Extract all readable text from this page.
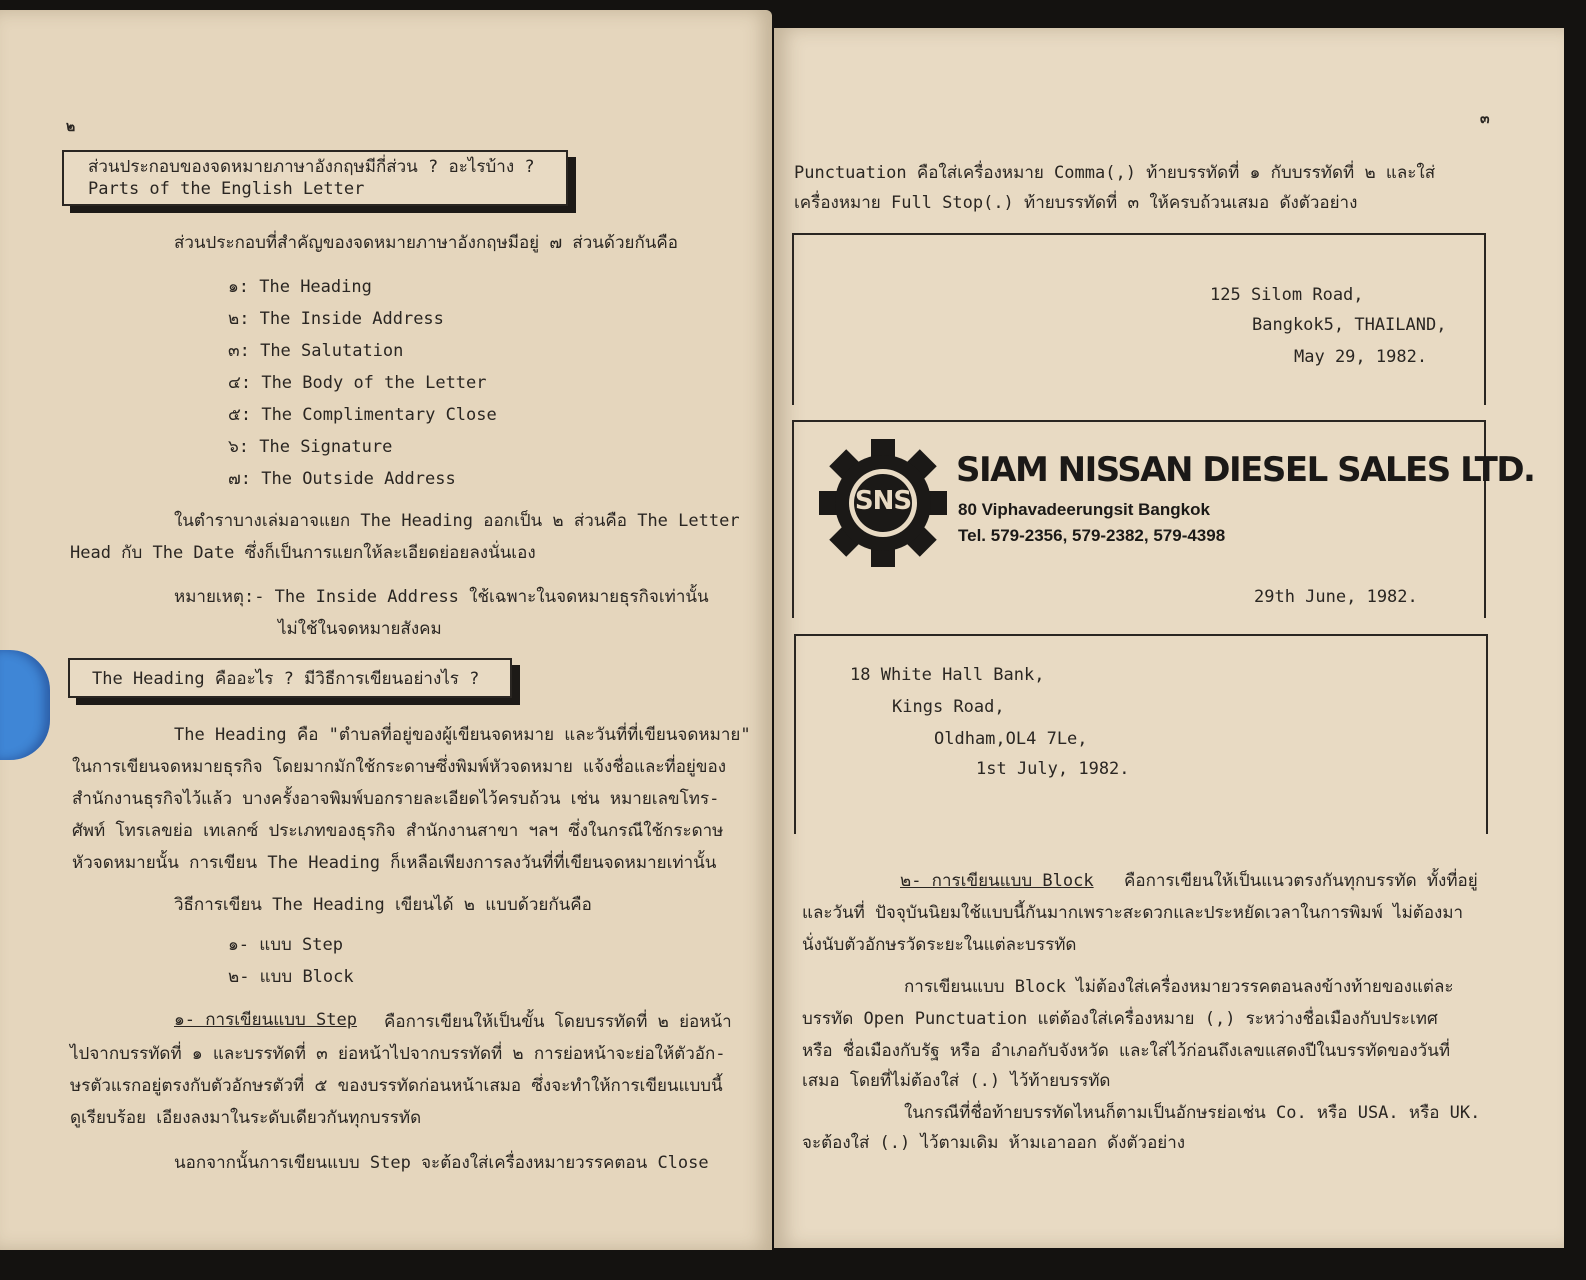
๒
ส่วนประกอบของจดหมายภาษาอังกฤษมีกี่ส่วน ? อะไรบ้าง ?
Parts of the English Letter
ส่วนประกอบที่สำคัญของจดหมายภาษาอังกฤษมีอยู่ ๗ ส่วนด้วยกันคือ
๑: The Heading
๒: The Inside Address
๓: The Salutation
๔: The Body of the Letter
๕: The Complimentary Close
๖: The Signature
๗: The Outside Address
ในตำราบางเล่มอาจแยก The Heading ออกเป็น ๒ ส่วนคือ The Letter
Head กับ The Date ซึ่งก็เป็นการแยกให้ละเอียดย่อยลงนั่นเอง
หมายเหตุ:- The Inside Address ใช้เฉพาะในจดหมายธุรกิจเท่านั้น
ไม่ใช้ในจดหมายสังคม
The Heading คืออะไร ? มีวิธีการเขียนอย่างไร ?
The Heading คือ "ตำบลที่อยู่ของผู้เขียนจดหมาย และวันที่ที่เขียนจดหมาย"
ในการเขียนจดหมายธุรกิจ โดยมากมักใช้กระดาษซึ่งพิมพ์หัวจดหมาย แจ้งชื่อและที่อยู่ของ
สำนักงานธุรกิจไว้แล้ว บางครั้งอาจพิมพ์บอกรายละเอียดไว้ครบถ้วน เช่น หมายเลขโทร-
ศัพท์ โทรเลขย่อ เทเลกซ์ ประเภทของธุรกิจ สำนักงานสาขา ฯลฯ ซึ่งในกรณีใช้กระดาษ
หัวจดหมายนั้น การเขียน The Heading ก็เหลือเพียงการลงวันที่ที่เขียนจดหมายเท่านั้น
วิธีการเขียน The Heading เขียนได้ ๒ แบบด้วยกันคือ
๑- แบบ Step
๒- แบบ Block
๑- การเขียนแบบ Step คือการเขียนให้เป็นขั้น โดยบรรทัดที่ ๒ ย่อหน้า
ไปจากบรรทัดที่ ๑ และบรรทัดที่ ๓ ย่อหน้าไปจากบรรทัดที่ ๒ การย่อหน้าจะย่อให้ตัวอัก-
ษรตัวแรกอยู่ตรงกับตัวอักษรตัวที่ ๕ ของบรรทัดก่อนหน้าเสมอ ซึ่งจะทำให้การเขียนแบบนี้
ดูเรียบร้อย เอียงลงมาในระดับเดียวกันทุกบรรทัด
นอกจากนั้นการเขียนแบบ Step จะต้องใส่เครื่องหมายวรรคตอน Close
๓
Punctuation คือใส่เครื่องหมาย Comma(,) ท้ายบรรทัดที่ ๑ กับบรรทัดที่ ๒ และใส่
เครื่องหมาย Full Stop(.) ท้ายบรรทัดที่ ๓ ให้ครบถ้วนเสมอ ดังตัวอย่าง
125 Silom Road,
Bangkok5, THAILAND,
May 29, 1982.
SNS
SIAM NISSAN DIESEL SALES LTD.
80 Viphavadeerungsit Bangkok
Tel. 579-2356, 579-2382, 579-4398
29th June, 1982.
18 White Hall Bank,
Kings Road,
Oldham,OL4 7Le,
1st July, 1982.
๒- การเขียนแบบ Block คือการเขียนให้เป็นแนวตรงกันทุกบรรทัด ทั้งที่อยู่
และวันที่ ปัจจุบันนิยมใช้แบบนี้กันมากเพราะสะดวกและประหยัดเวลาในการพิมพ์ ไม่ต้องมา
นั่งนับตัวอักษรวัดระยะในแต่ละบรรทัด
การเขียนแบบ Block ไม่ต้องใส่เครื่องหมายวรรคตอนลงข้างท้ายของแต่ละ
บรรทัด Open Punctuation แต่ต้องใส่เครื่องหมาย (,) ระหว่างชื่อเมืองกับประเทศ
หรือ ชื่อเมืองกับรัฐ หรือ อำเภอกับจังหวัด และใส่ไว้ก่อนถึงเลขแสดงปีในบรรทัดของวันที่
เสมอ โดยที่ไม่ต้องใส่ (.) ไว้ท้ายบรรทัด
ในกรณีที่ชื่อท้ายบรรทัดไหนก็ตามเป็นอักษรย่อเช่น Co. หรือ USA. หรือ UK.
จะต้องใส่ (.) ไว้ตามเดิม ห้ามเอาออก ดังตัวอย่าง
